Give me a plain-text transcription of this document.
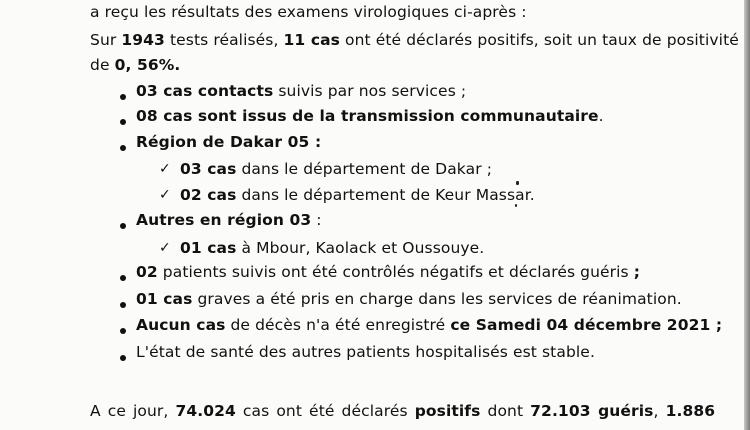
a reçu les résultats des examens virologiques ci-après :
Sur 1943 tests réalisés, 11 cas ont été déclarés positifs, soit un taux de positivité
de 0, 56%.
03 cas contacts suivis par nos services ;
08 cas sont issus de la transmission communautaire.
Région de Dakar 05 :
✓ 03 cas dans le département de Dakar ;
✓ 02 cas dans le département de Keur Massar.
Autres en région 03 :
✓ 01 cas à Mbour, Kaolack et Oussouye.
02 patients suivis ont été contrôlés négatifs et déclarés guéris ;
01 cas graves a été pris en charge dans les services de réanimation.
Aucun cas de décès n'a été enregistré ce Samedi 04 décembre 2021 ;
L'état de santé des autres patients hospitalisés est stable.
A ce jour, 74.024 cas ont été déclarés positifs dont 72.103 guéris, 1.886
